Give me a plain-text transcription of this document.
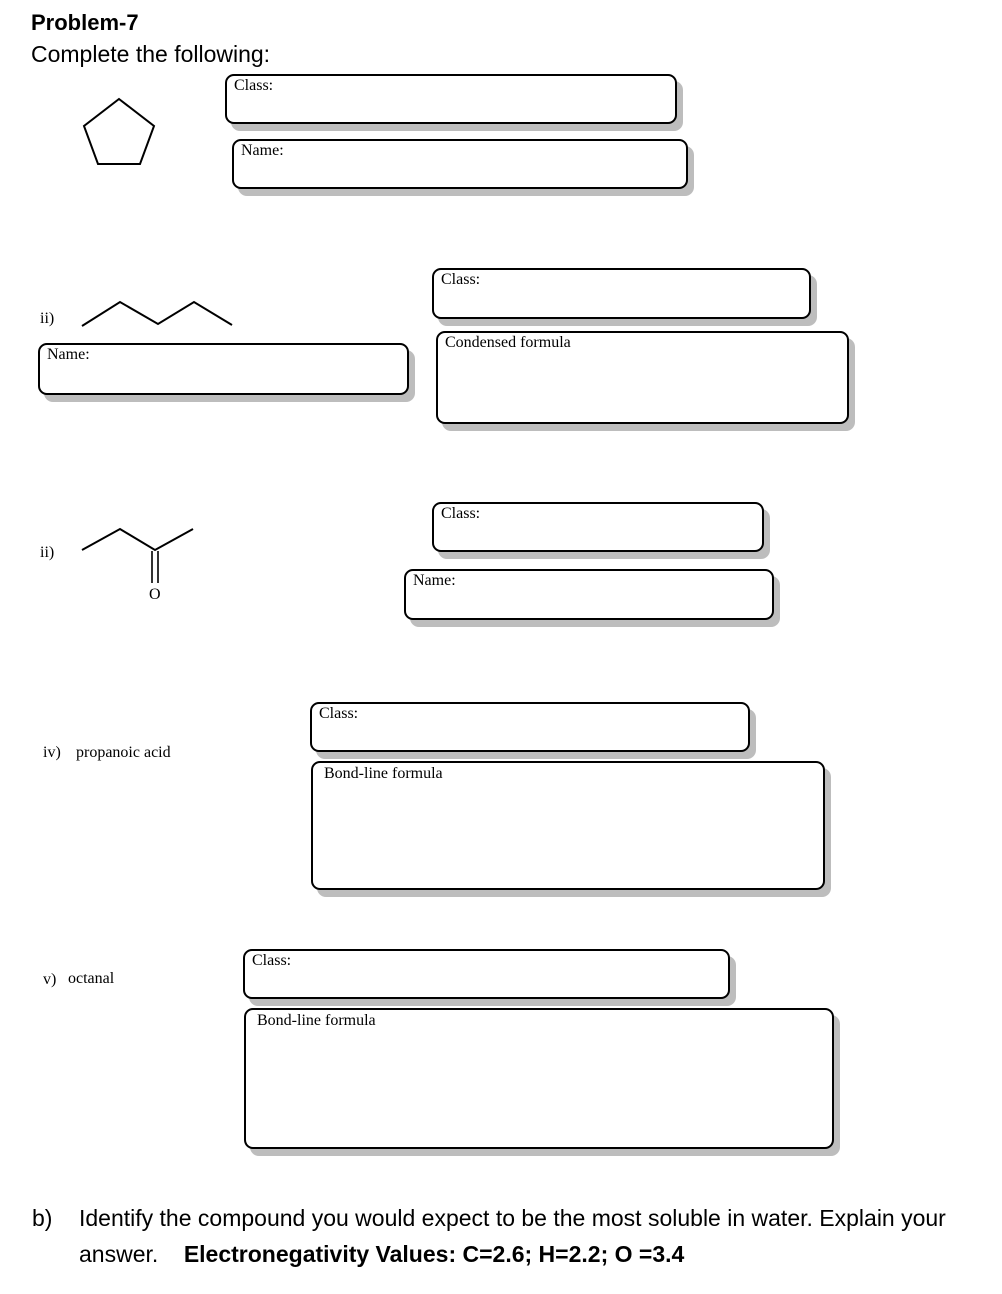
Problem-7
Complete the following:
Class:
Name:
ii)
Class:
Name:
Condensed formula
ii)
O
Class:
Name:
iv) propanoic acid
Class:
Bond-line formula
v) octanal
Class:
Bond-line formula
b) Identify the compound you would expect to be the most soluble in water. Explain your answer. Electronegativity Values: C=2.6; H=2.2; O =3.4
